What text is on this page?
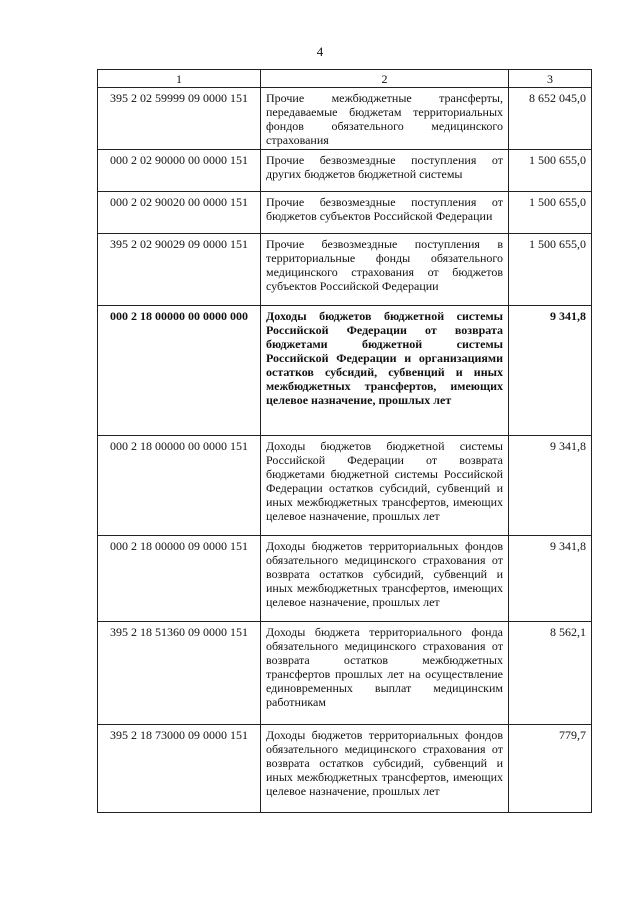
4
1	2	3
395 2 02 59999 09 0000 151	Прочие межбюджетные трансферты, передаваемые бюджетам территориальных фондов обязательного медицинского страхования	8 652 045,0
000 2 02 90000 00 0000 151	Прочие безвозмездные поступления от других бюджетов бюджетной системы	1 500 655,0
000 2 02 90020 00 0000 151	Прочие безвозмездные поступления от бюджетов субъектов Российской Федерации	1 500 655,0
395 2 02 90029 09 0000 151	Прочие безвозмездные поступления в территориальные фонды обязательного медицинского страхования от бюджетов субъектов Российской Федерации	1 500 655,0
000 2 18 00000 00 0000 000	Доходы бюджетов бюджетной системы Российской Федерации от возврата бюджетами бюджетной системы Российской Федерации и организациями остатков субсидий, субвенций и иных межбюджетных трансфертов, имеющих целевое назначение, прошлых лет	9 341,8
000 2 18 00000 00 0000 151	Доходы бюджетов бюджетной системы Российской Федерации от возврата бюджетами бюджетной системы Российской Федерации остатков субсидий, субвенций и иных межбюджетных трансфертов, имеющих целевое назначение, прошлых лет	9 341,8
000 2 18 00000 09 0000 151	Доходы бюджетов территориальных фондов обязательного медицинского страхования от возврата остатков субсидий, субвенций и иных межбюджетных трансфертов, имеющих целевое назначение, прошлых лет	9 341,8
395 2 18 51360 09 0000 151	Доходы бюджета территориального фонда обязательного медицинского страхования от возврата остатков межбюджетных трансфертов прошлых лет на осуществление единовременных выплат медицинским работникам	8 562,1
395 2 18 73000 09 0000 151	Доходы бюджетов территориальных фондов обязательного медицинского страхования от возврата остатков субсидий, субвенций и иных межбюджетных трансфертов, имеющих целевое назначение, прошлых лет	779,7
